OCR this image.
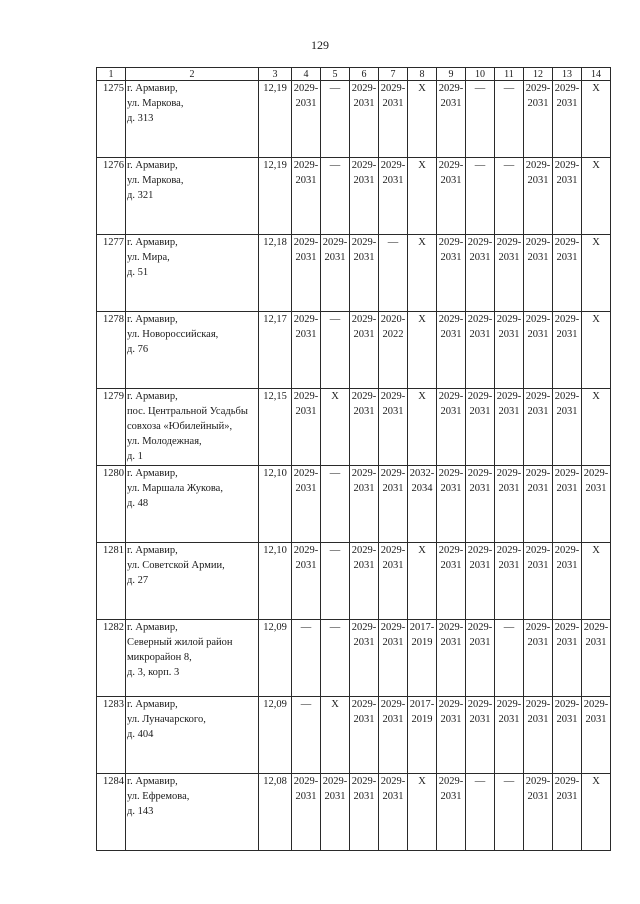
129
1	2	3	4	5	6	7	8	9	10	11	12	13	14
1275	г. Армавир,
ул. Маркова,
д. 313	12,19	2029-
2031	—	2029-
2031	2029-
2031	X	2029-
2031	—	—	2029-
2031	2029-
2031	X

1276	г. Армавир,
ул. Маркова,
д. 321	12,19	2029-
2031	—	2029-
2031	2029-
2031	X	2029-
2031	—	—	2029-
2031	2029-
2031	X

1277	г. Армавир,
ул. Мира,
д. 51	12,18	2029-
2031	2029-
2031	2029-
2031	—	X	2029-
2031	2029-
2031	2029-
2031	2029-
2031	2029-
2031	X

1278	г. Армавир,
ул. Новороссийская,
д. 76	12,17	2029-
2031	—	2029-
2031	2020-
2022	X	2029-
2031	2029-
2031	2029-
2031	2029-
2031	2029-
2031	X

1279	г. Армавир,
пос. Центральной Усадьбы
совхоза «Юбилейный»,
ул. Молодежная,
д. 1	12,15	2029-
2031	X	2029-
2031	2029-
2031	X	2029-
2031	2029-
2031	2029-
2031	2029-
2031	2029-
2031	X

1280	г. Армавир,
ул. Маршала Жукова,
д. 48	12,10	2029-
2031	—	2029-
2031	2029-
2031	2032-
2034	2029-
2031	2029-
2031	2029-
2031	2029-
2031	2029-
2031	2029-
2031

1281	г. Армавир,
ул. Советской Армии,
д. 27	12,10	2029-
2031	—	2029-
2031	2029-
2031	X	2029-
2031	2029-
2031	2029-
2031	2029-
2031	2029-
2031	X

1282	г. Армавир,
Северный жилой район
микрорайон 8,
д. 3, корп. 3	12,09	—	—	2029-
2031	2029-
2031	2017-
2019	2029-
2031	2029-
2031	—	2029-
2031	2029-
2031	2029-
2031

1283	г. Армавир,
ул. Луначарского,
д. 404	12,09	—	X	2029-
2031	2029-
2031	2017-
2019	2029-
2031	2029-
2031	2029-
2031	2029-
2031	2029-
2031	2029-
2031

1284	г. Армавир,
ул. Ефремова,
д. 143	12,08	2029-
2031	2029-
2031	2029-
2031	2029-
2031	X	2029-
2031	—	—	2029-
2031	2029-
2031	X
